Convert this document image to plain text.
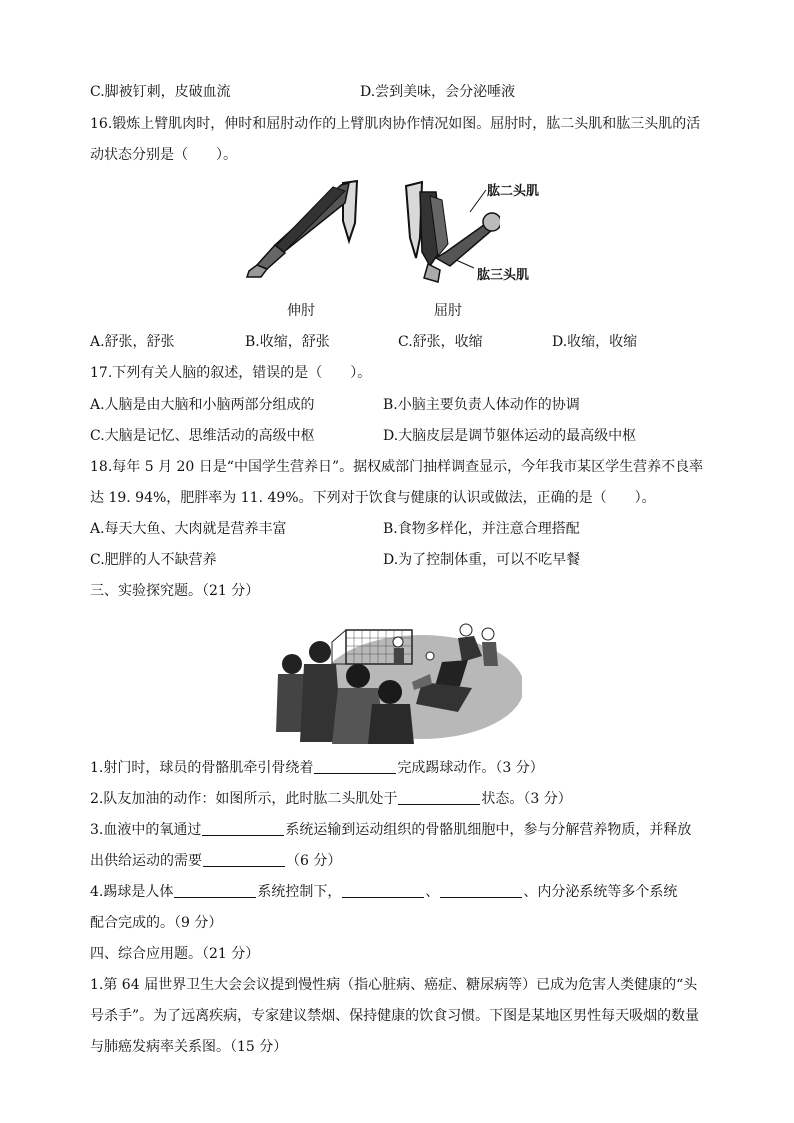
C.脚被钉刺，皮破血流	D.尝到美味，会分泌唾液
16.锻炼上臂肌肉时，伸时和屈肘动作的上臂肌肉协作情况如图。屈肘时，肱二头肌和肱三头肌的活
动状态分别是（　　）。
肱二头肌
肱三头肌
伸肘	屈肘
A.舒张，舒张	B.收缩，舒张	C.舒张，收缩	D.收缩，收缩
17.下列有关人脑的叙述，错误的是（　　）。
A.人脑是由大脑和小脑两部分组成的	B.小脑主要负责人体动作的协调
C.大脑是记忆、思维活动的高级中枢	D.大脑皮层是调节躯体运动的最高级中枢
18.每年 5 月 20 日是“中国学生营养日”。据权威部门抽样调查显示，今年我市某区学生营养不良率
达 19. 94%，肥胖率为 11. 49%。下列对于饮食与健康的认识或做法，正确的是（　　）。
A.每天大鱼、大肉就是营养丰富	B.食物多样化，并注意合理搭配
C.肥胖的人不缺营养	D.为了控制体重，可以不吃早餐
三、实验探究题。（21 分）
1.射门时，球员的骨骼肌牵引骨绕着	完成踢球动作。（3 分）
2.队友加油的动作：如图所示，此时肱二头肌处于	状态。（3 分）
3.血液中的氧通过	系统运输到运动组织的骨骼肌细胞中，参与分解营养物质，并释放
出供给运动的需要	（6 分）
4.踢球是人体	系统控制下，	、	、内分泌系统等多个系统
配合完成的。（9 分）
四、综合应用题。（21 分）
1.第 64 届世界卫生大会会议提到慢性病（指心脏病、癌症、糖尿病等）已成为危害人类健康的“头
号杀手”。为了远离疾病，专家建议禁烟、保持健康的饮食习惯。下图是某地区男性每天吸烟的数量
与肺癌发病率关系图。（15 分）
